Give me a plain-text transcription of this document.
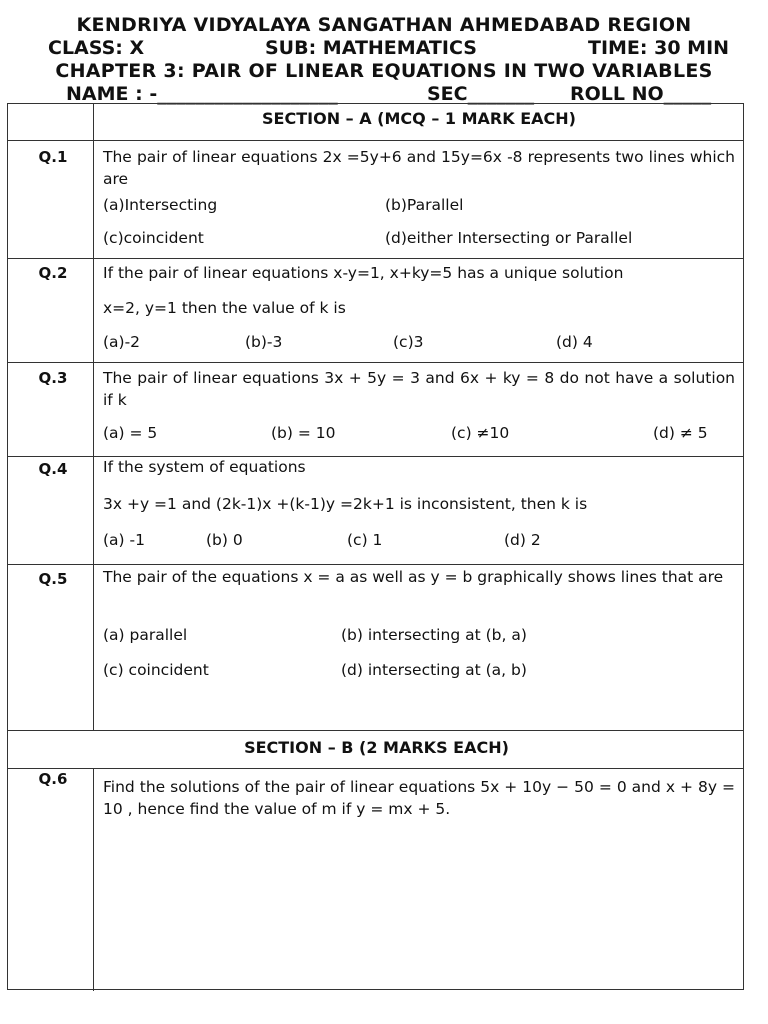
KENDRIYA VIDYALAYA SANGATHAN AHMEDABAD REGION
CLASS: X	SUB: MATHEMATICS	TIME: 30 MIN
CHAPTER 3: PAIR OF LINEAR EQUATIONS IN TWO VARIABLES
NAME : -___________________	SEC_______ ROLL NO_____
SECTION – A (MCQ – 1 MARK EACH)
Q.1	The pair of linear equations 2x =5y+6 and 15y=6x -8 represents two lines which are
(a)Intersecting	(b)Parallel
(c)coincident	(d)either Intersecting or Parallel
Q.2	If the pair of linear equations x-y=1, x+ky=5 has a unique solution
x=2, y=1 then the value of k is
(a)-2	(b)-3	(c)3	(d) 4
Q.3	The pair of linear equations 3x + 5y = 3 and 6x + ky = 8 do not have a solution if k
(a) = 5	(b) = 10	(c) ≠10	(d) ≠ 5
Q.4	If the system of equations
3x +y =1 and (2k-1)x +(k-1)y =2k+1 is inconsistent, then k is
(a) -1	(b) 0	(c) 1	(d) 2
Q.5	The pair of the equations x = a as well as y = b graphically shows lines that are
(a) parallel	(b) intersecting at (b, a)
(c) coincident	(d) intersecting at (a, b)
SECTION – B (2 MARKS EACH)
Q.6	Find the solutions of the pair of linear equations 5x + 10y − 50 = 0 and x + 8y = 10 , hence find the value of m if y = mx + 5.
